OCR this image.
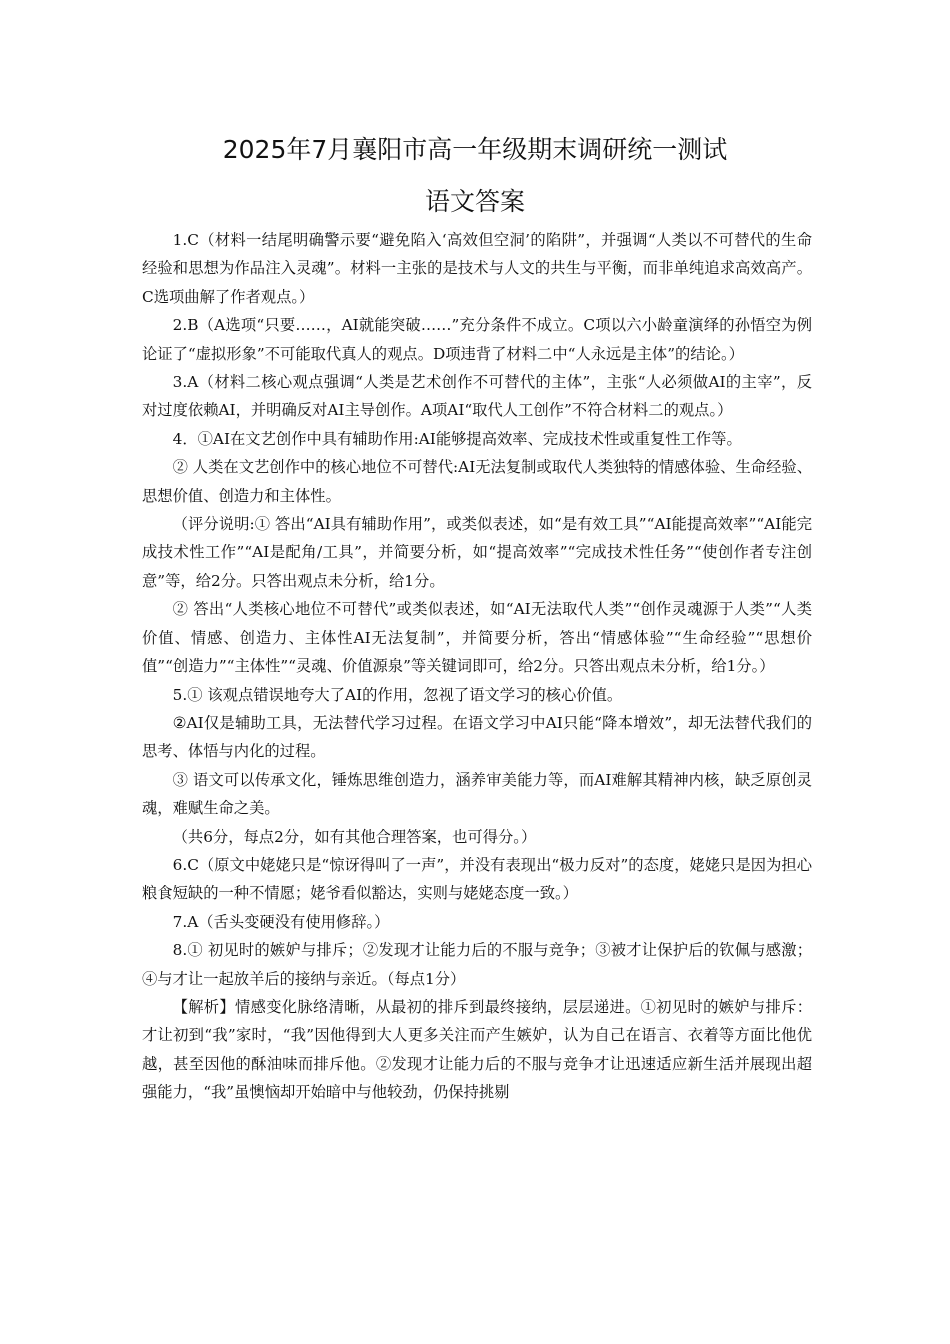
2025年7月襄阳市高一年级期末调研统一测试
语文答案

1.C（材料一结尾明确警示要“避免陷入‘高效但空洞’的陷阱”，并强调“人类以不可替代的生命经验和思想为作品注入灵魂”。材料一主张的是技术与人文的共生与平衡，而非单纯追求高效高产。C选项曲解了作者观点。）

2.B（A选项“只要……，AI就能突破……”充分条件不成立。C项以六小龄童演绎的孙悟空为例论证了“虚拟形象”不可能取代真人的观点。D项违背了材料二中“人永远是主体”的结论。）

3.A（材料二核心观点强调“人类是艺术创作不可替代的主体”，主张“人必须做AI的主宰”，反对过度依赖AI，并明确反对AI主导创作。A项AI“取代人工创作”不符合材料二的观点。）

4．①AI在文艺创作中具有辅助作用:AI能够提高效率、完成技术性或重复性工作等。

② 人类在文艺创作中的核心地位不可替代:AI无法复制或取代人类独特的情感体验、生命经验、思想价值、创造力和主体性。

（评分说明:① 答出“AI具有辅助作用”，或类似表述，如“是有效工具”“AI能提高效率”“AI能完成技术性工作”“AI是配角/工具”，并简要分析，如“提高效率”“完成技术性任务”“使创作者专注创意”等，给2分。只答出观点未分析，给1分。

② 答出“人类核心地位不可替代”或类似表述，如“AI无法取代人类”“创作灵魂源于人类”“人类价值、情感、创造力、主体性AI无法复制”，并简要分析，答出“情感体验”“生命经验”“思想价值”“创造力”“主体性”“灵魂、价值源泉”等关键词即可，给2分。只答出观点未分析，给1分。）

5.① 该观点错误地夸大了AI的作用，忽视了语文学习的核心价值。

②AI仅是辅助工具，无法替代学习过程。在语文学习中AI只能“降本增效”，却无法替代我们的思考、体悟与内化的过程。

③ 语文可以传承文化，锤炼思维创造力，涵养审美能力等，而AI难解其精神内核，缺乏原创灵魂，难赋生命之美。

（共6分，每点2分，如有其他合理答案，也可得分。）

6.C（原文中姥姥只是“惊讶得叫了一声”，并没有表现出“极力反对”的态度，姥姥只是因为担心粮食短缺的一种不情愿；姥爷看似豁达，实则与姥姥态度一致。）

7.A（舌头变硬没有使用修辞。）

8.① 初见时的嫉妒与排斥；②发现才让能力后的不服与竞争；③被才让保护后的钦佩与感激；④与才让一起放羊后的接纳与亲近。（每点1分）

【解析】情感变化脉络清晰，从最初的排斥到最终接纳，层层递进。①初见时的嫉妒与排斥：才让初到“我”家时，“我”因他得到大人更多关注而产生嫉妒，认为自己在语言、衣着等方面比他优越，甚至因他的酥油味而排斥他。②发现才让能力后的不服与竞争才让迅速适应新生活并展现出超强能力，“我”虽懊恼却开始暗中与他较劲，仍保持挑剔
